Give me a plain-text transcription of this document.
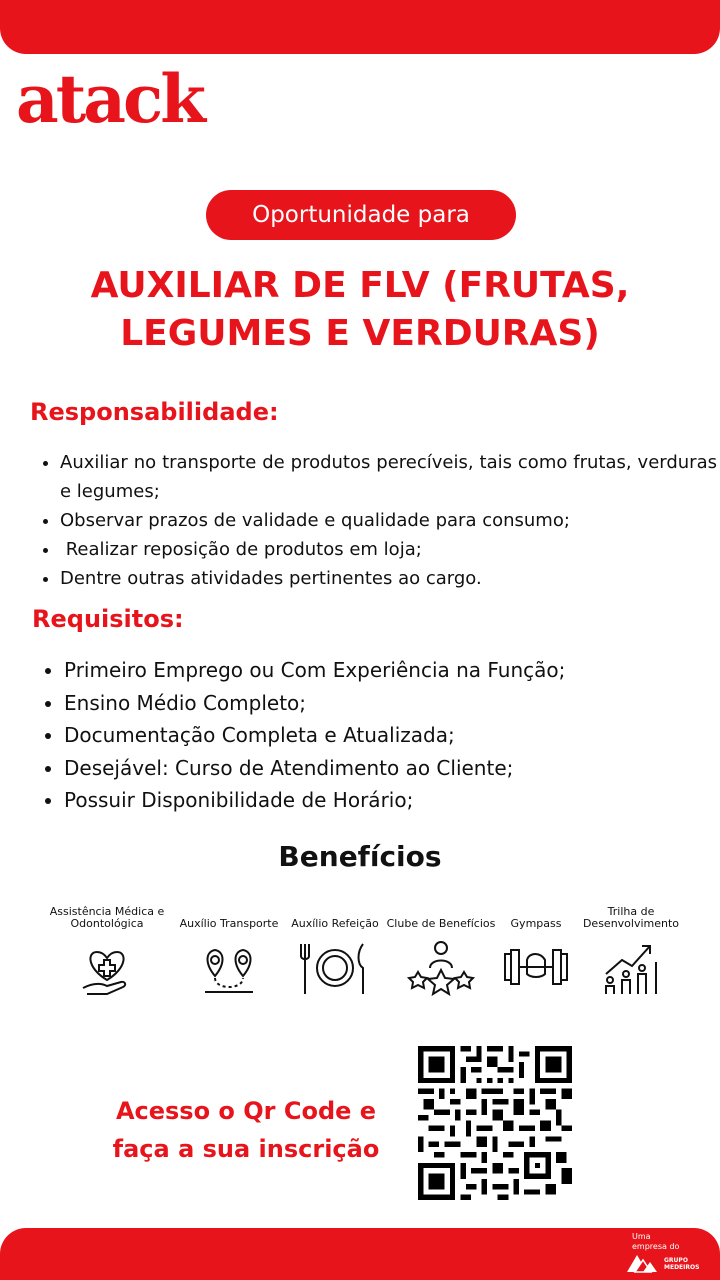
atack
Oportunidade para
AUXILIAR DE FLV (FRUTAS, LEGUMES E VERDURAS)
Responsabilidade:
• Auxiliar no transporte de produtos perecíveis, tais como frutas, verduras e legumes;
• Observar prazos de validade e qualidade para consumo;
•  Realizar reposição de produtos em loja;
• Dentre outras atividades pertinentes ao cargo.
Requisitos:
• Primeiro Emprego ou Com Experiência na Função;
• Ensino Médio Completo;
• Documentação Completa e Atualizada;
• Desejável: Curso de Atendimento ao Cliente;
• Possuir Disponibilidade de Horário;
Benefícios
Assistência Médica e Odontológica	Auxílio Transporte	Auxílio Refeição Clube de Benefícios	Gympass
Trilha de Desenvolvimento
Acesso o Qr Code e
faça a sua inscrição
Uma
empresa do
GRUPO
MEDEIROS
